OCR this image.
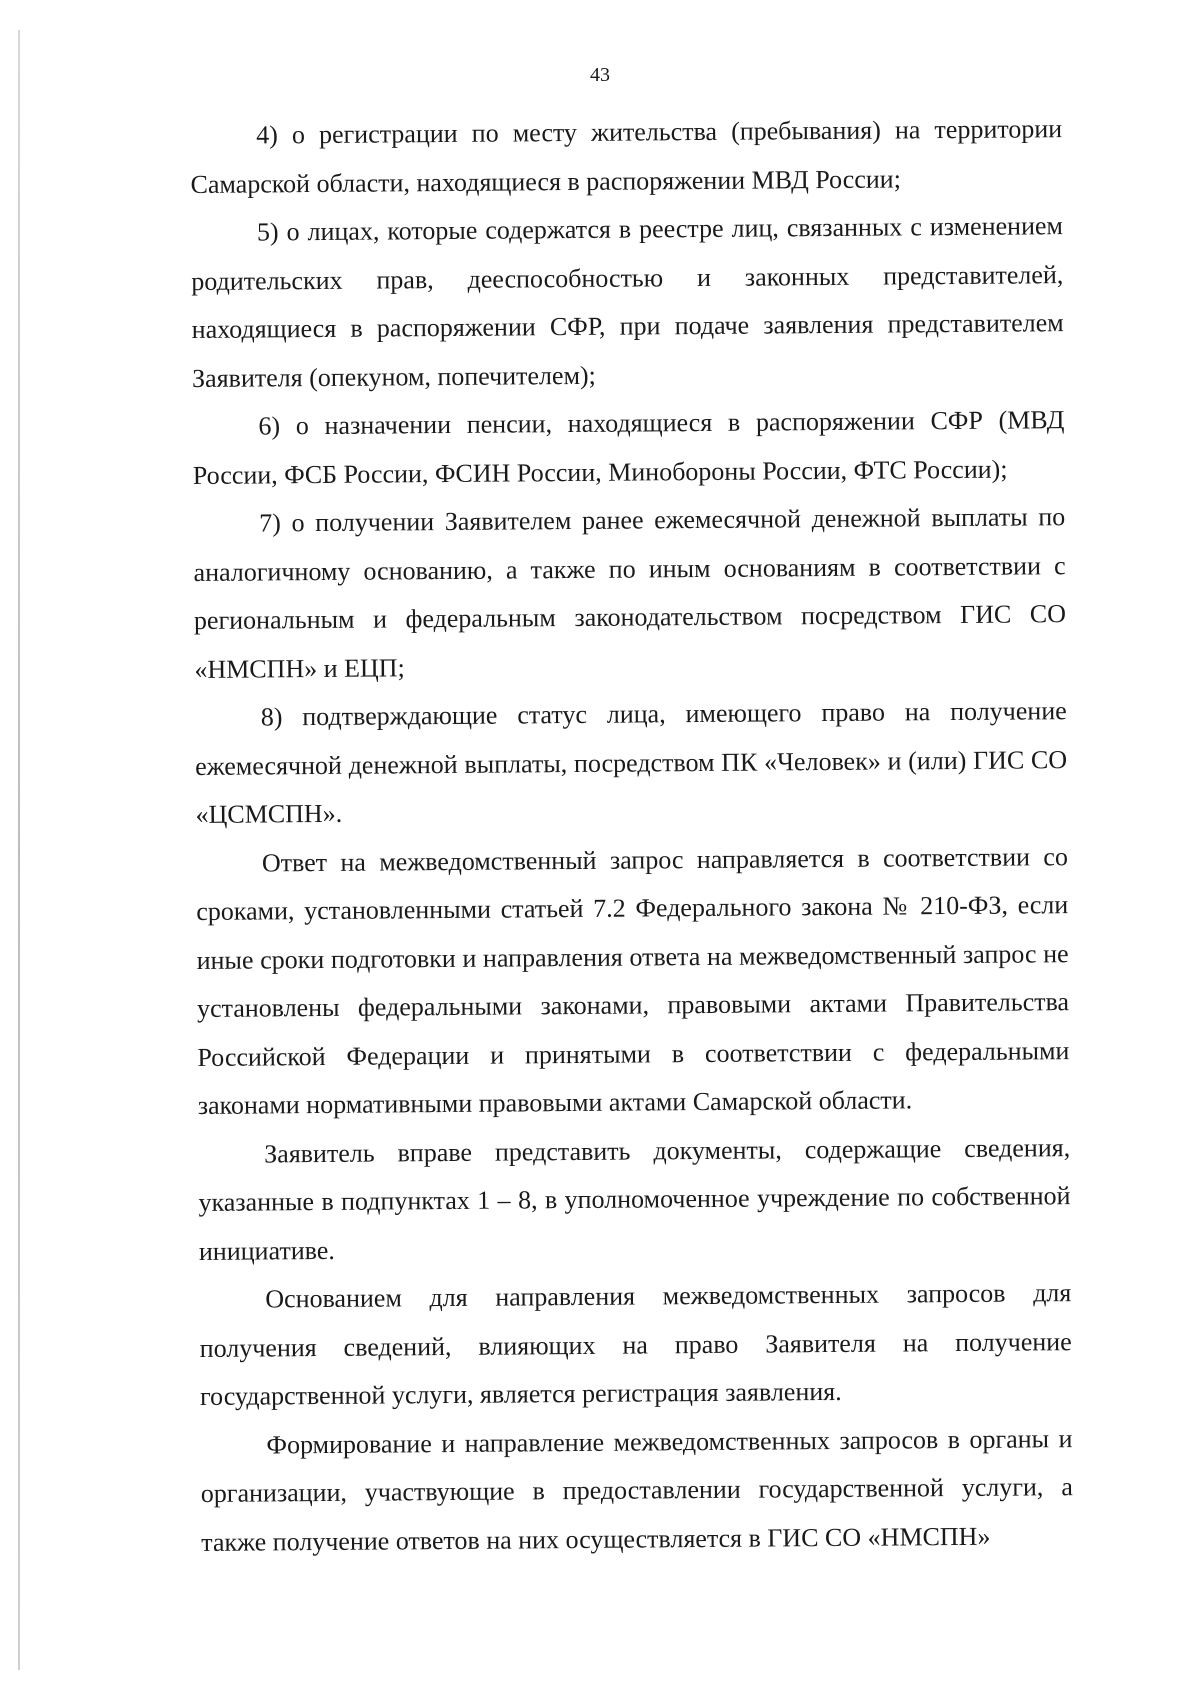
43

4) о регистрации по месту жительства (пребывания) на территории Самарской области, находящиеся в распоряжении МВД России;

5) о лицах, которые содержатся в реестре лиц, связанных с изменением родительских прав, дееспособностью и законных представителей, находящиеся в распоряжении СФР, при подаче заявления представителем Заявителя (опекуном, попечителем);

6) о назначении пенсии, находящиеся в распоряжении СФР (МВД России, ФСБ России, ФСИН России, Минобороны России, ФТС России);

7) о получении Заявителем ранее ежемесячной денежной выплаты по аналогичному основанию, а также по иным основаниям в соответствии с региональным и федеральным законодательством посредством ГИС СО «НМСПН» и ЕЦП;

8) подтверждающие статус лица, имеющего право на получение ежемесячной денежной выплаты, посредством ПК «Человек» и (или) ГИС СО «ЦСМСПН».

Ответ на межведомственный запрос направляется в соответствии со сроками, установленными статьей 7.2 Федерального закона № 210-ФЗ, если иные сроки подготовки и направления ответа на межведомственный запрос не установлены федеральными законами, правовыми актами Правительства Российской Федерации и принятыми в соответствии с федеральными законами нормативными правовыми актами Самарской области.

Заявитель вправе представить документы, содержащие сведения, указанные в подпунктах 1 – 8, в уполномоченное учреждение по собственной инициативе.

Основанием для направления межведомственных запросов для получения сведений, влияющих на право Заявителя на получение государственной услуги, является регистрация заявления.

Формирование и направление межведомственных запросов в органы и организации, участвующие в предоставлении государственной услуги, а также получение ответов на них осуществляется в ГИС СО «НМСПН»
